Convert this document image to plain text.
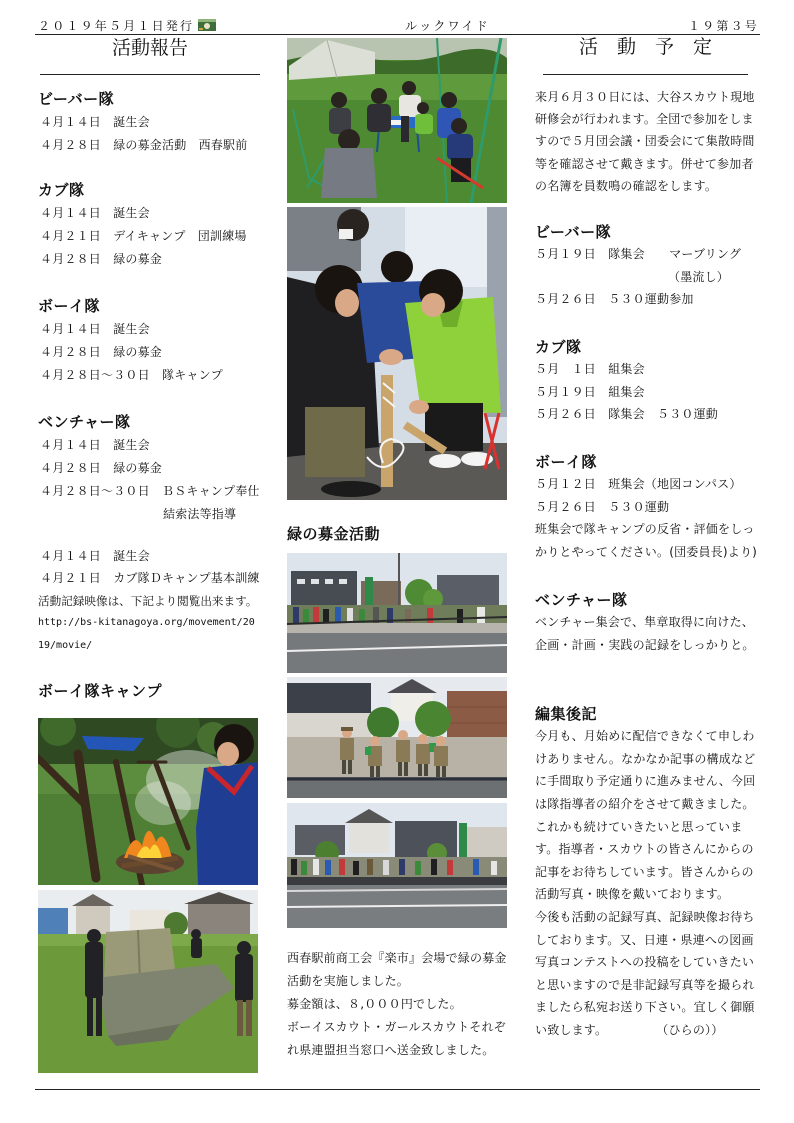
２０１９年５月１日発行	ルックワイド	１９第３号
活動報告
ビーバー隊
４月１４日　誕生会
４月２８日　緑の募金活動　西春駅前
カブ隊
４月１４日　誕生会
４月２１日　デイキャンプ　団訓練場
４月２８日　緑の募金
ボーイ隊
４月１４日　誕生会
４月２８日　緑の募金
４月２８日～３０日　隊キャンプ
ベンチャー隊
４月１４日　誕生会
４月２８日　緑の募金
４月２８日～３０日　ＢＳキャンプ奉仕
結索法等指導
４月１４日　誕生会
４月２１日　カブ隊Ｄキャンプ基本訓練
活動記録映像は、下記より閲覧出来ます。
http://bs-kitanagoya.org/movement/20
19/movie/
ボーイ隊キャンプ
緑の募金活動
西春駅前商工会『楽市』会場で緑の募金
活動を実施しました。
募金額は、８,０００円でした。
ボーイスカウト・ガールスカウトそれぞ
れ県連盟担当窓口へ送金致しました。
活　動　予　定
来月６月３０日には、大谷スカウト現地
研修会が行われます。全団で参加をしま
すので５月団会議・団委会にて集散時間
等を確認させて戴きます。併せて参加者
の名簿を員数鳴の確認をします。
ビーバー隊
５月１９日　隊集会　　マーブリング
（墨流し）
５月２６日　５３０運動参加
カブ隊
５月　１日　組集会
５月１９日　組集会
５月２６日　隊集会　５３０運動
ボーイ隊
５月１２日　班集会（地図コンパス）
５月２６日　５３０運動
班集会で隊キャンプの反省・評価をしっ
かりとやってください。(団委員長)より)
ベンチャー隊
ベンチャー集会で、隼章取得に向けた、
企画・計画・実践の記録をしっかりと。
編集後記
今月も、月始めに配信できなくて申しわ
けありません。なかなか記事の構成など
に手間取り予定通りに進みません、今回
は隊指導者の紹介をさせて戴きました。
これかも続けていきたいと思っていま
す。指導者・スカウトの皆さんにからの
記事をお待ちしています。皆さんからの
活動写真・映像を戴いております。
今後も活動の記録写真、記録映像お待ち
しております。又、日連・県連への図画
写真コンテストへの投稿をしていきたい
と思いますので是非記録写真等を撮られ
ましたら私宛お送り下さい。宜しく御願
い致します。　　　　　（ひらの））
